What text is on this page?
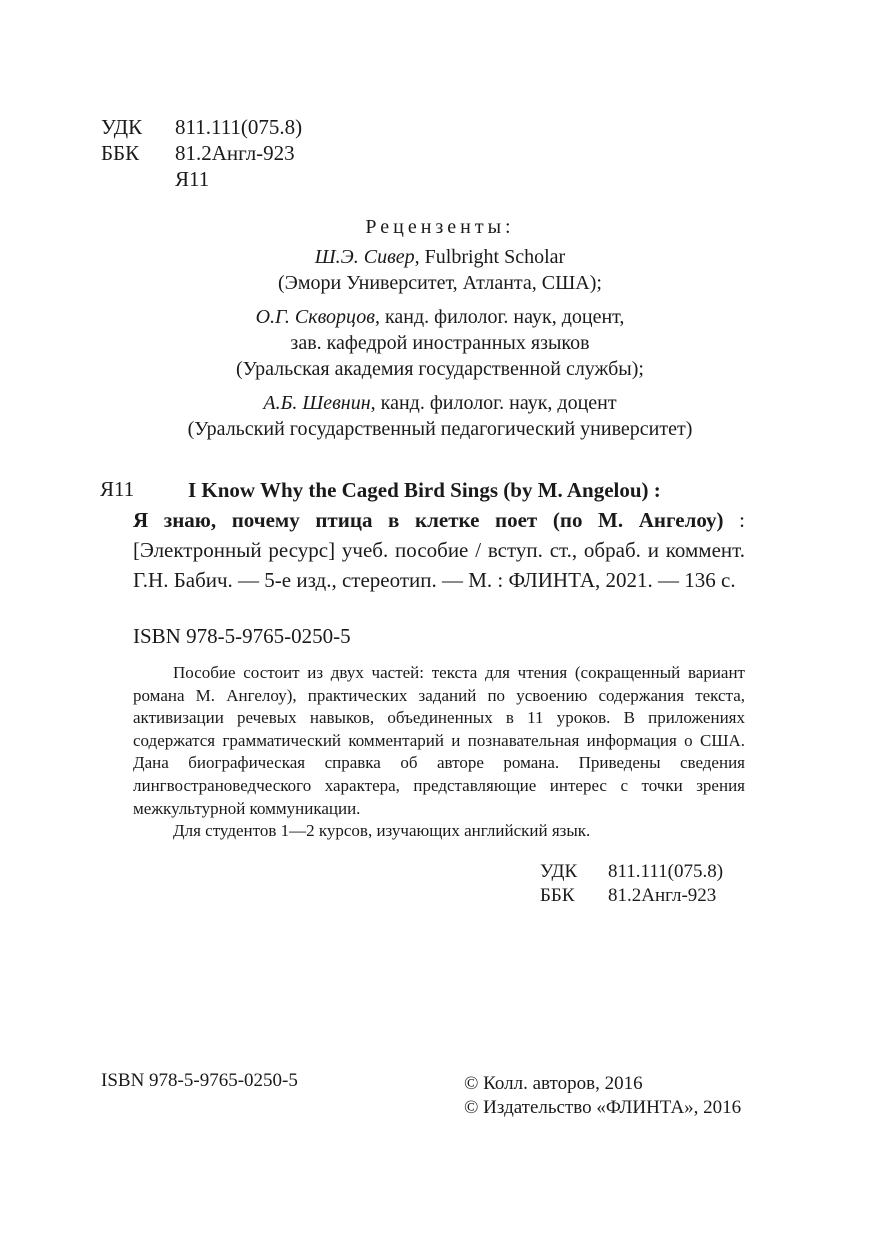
УДК 811.111(075.8)
ББК 81.2Англ-923
Я11
Рецензенты:
Ш.Э. Сивер, Fulbright Scholar
(Эмори Университет, Атланта, США);
О.Г. Скворцов, канд. филолог. наук, доцент,
зав. кафедрой иностранных языков
(Уральская академия государственной службы);
А.Б. Шевнин, канд. филолог. наук, доцент
(Уральский государственный педагогический университет)
Я11	I Know Why the Caged Bird Sings (by M. Angelou) :
Я знаю, почему птица в клетке поет (по М. Ангелоу) : [Электронный ресурс] учеб. пособие / вступ. ст., обраб. и коммент. Г.Н. Бабич. — 5-е изд., стереотип. — М. : ФЛИНТА, 2021. — 136 с.
ISBN 978-5-9765-0250-5

Пособие состоит из двух частей: текста для чтения (сокращенный вариант романа М. Ангелоу), практических заданий по усвоению содержания текста, активизации речевых навыков, объединенных в 11 уроков. В приложениях содержатся грамматический комментарий и познавательная информация о США. Дана биографическая справка об авторе романа. Приведены сведения лингвострановедческого характера, представляющие интерес с точки зрения межкультурной коммуникации.

Для студентов 1—2 курсов, изучающих английский язык.

УДК 811.111(075.8)
ББК 81.2Англ-923
ISBN 978-5-9765-0250-5	© Колл. авторов, 2016
© Издательство «ФЛИНТА», 2016
